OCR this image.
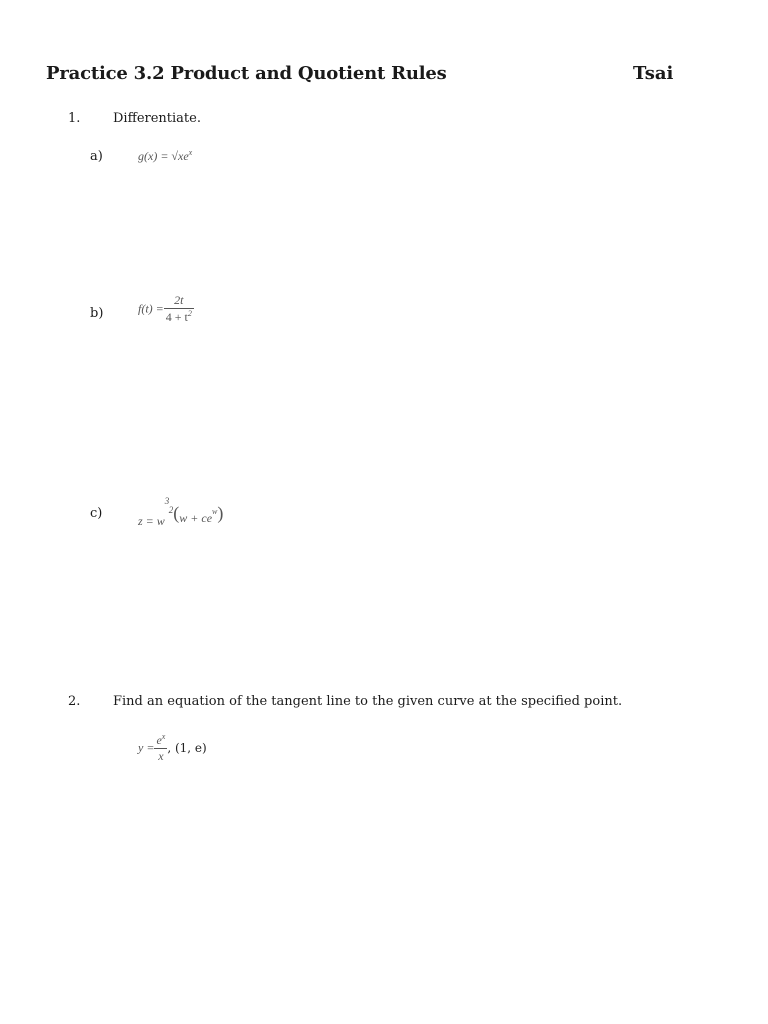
Practice 3.2 Product and Quotient Rules	Tsai
1.	Differentiate.
a)	$g(x) = √xe^x$
b)	$f(t) = \frac{2t}{4 + t^2}$
c)	z = w
3
2 $(w + ce^w)$
2.	Find an equation of the tangent line to the given curve at the specified point.
$y = \frac{e^x}{x}$ , (1, e)
